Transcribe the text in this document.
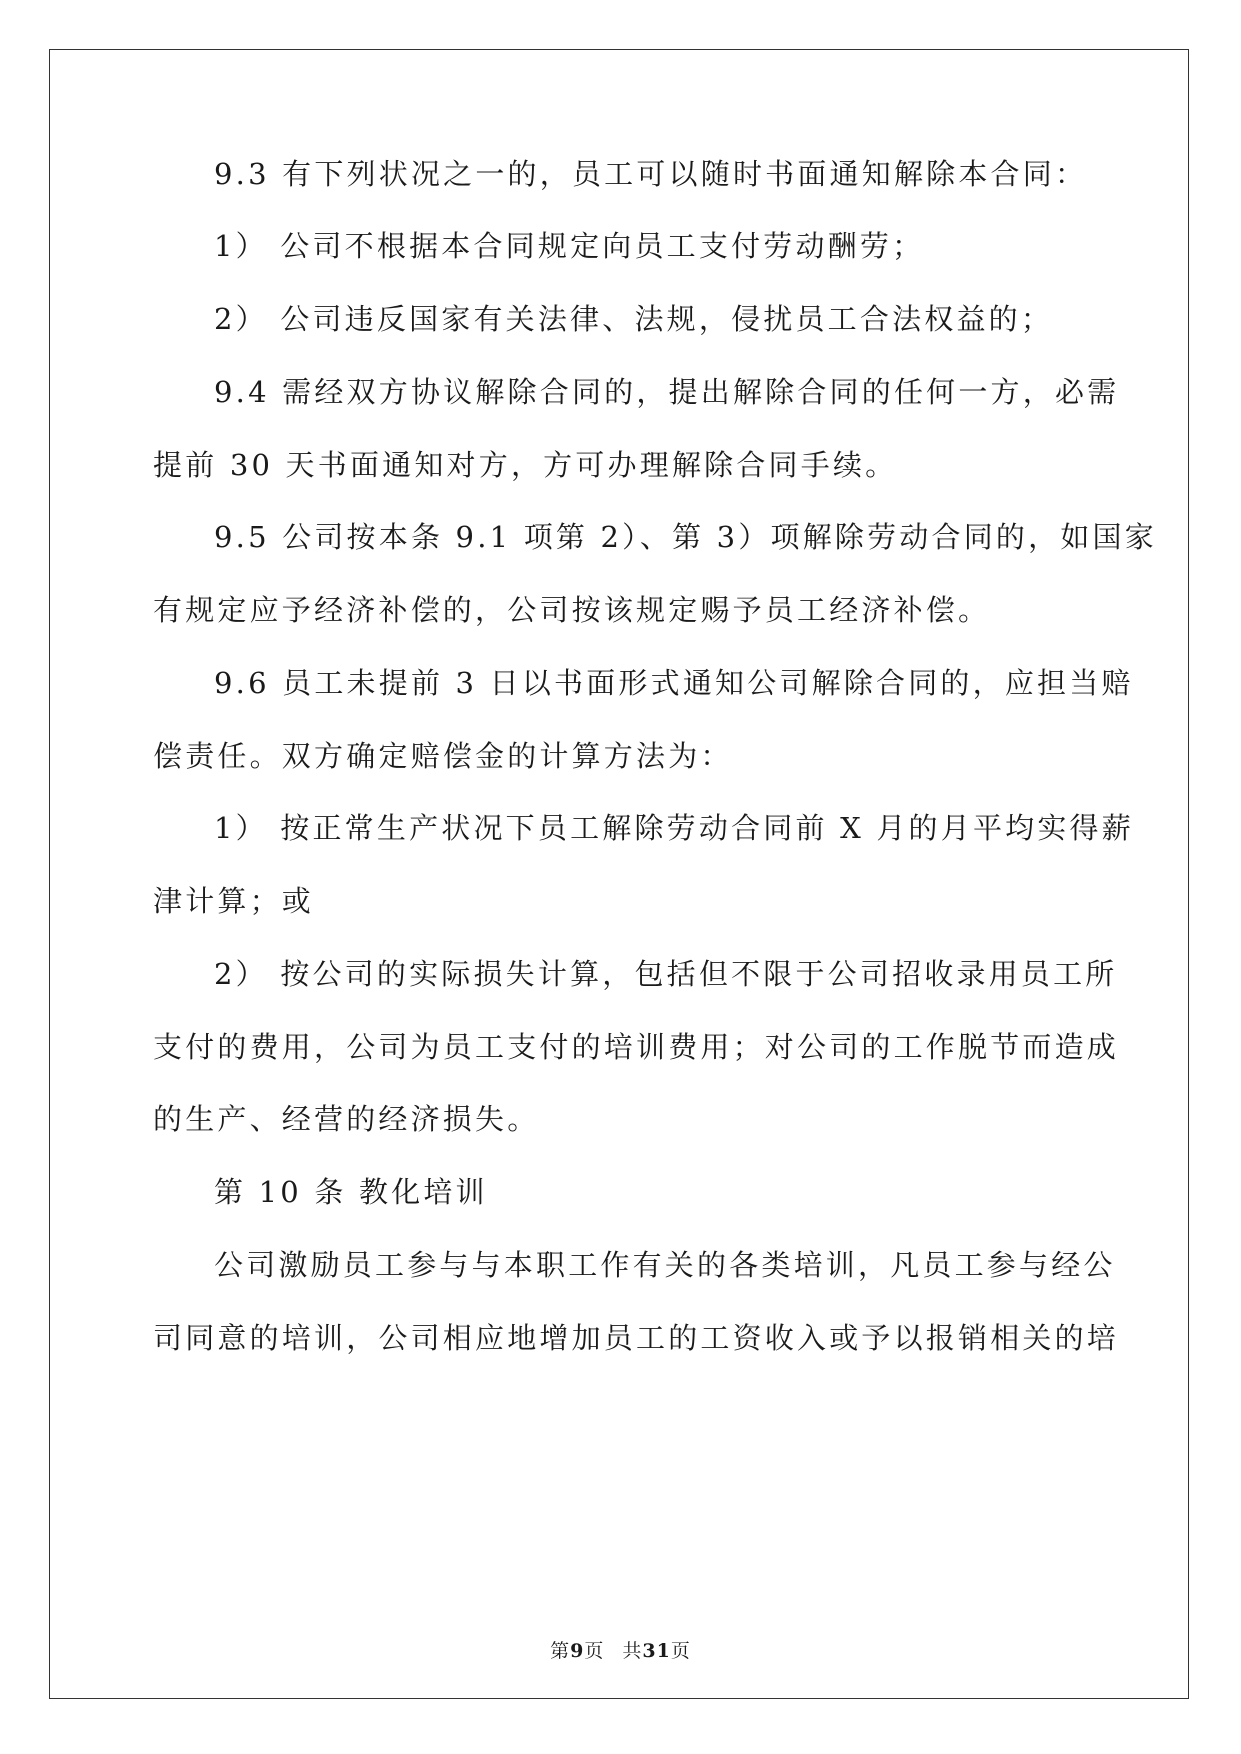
9.3 有下列状况之一的，员工可以随时书面通知解除本合同：
1） 公司不根据本合同规定向员工支付劳动酬劳；
2） 公司违反国家有关法律、法规，侵扰员工合法权益的；
9.4 需经双方协议解除合同的，提出解除合同的任何一方，必需
提前 30 天书面通知对方，方可办理解除合同手续。
9.5 公司按本条 9.1 项第 2）、第 3）项解除劳动合同的，如国家
有规定应予经济补偿的，公司按该规定赐予员工经济补偿。
9.6 员工未提前 3 日以书面形式通知公司解除合同的，应担当赔
偿责任。双方确定赔偿金的计算方法为：
1） 按正常生产状况下员工解除劳动合同前 X 月的月平均实得薪
津计算；或
2） 按公司的实际损失计算，包括但不限于公司招收录用员工所
支付的费用，公司为员工支付的培训费用；对公司的工作脱节而造成
的生产、经营的经济损失。
第 10 条 教化培训
公司激励员工参与与本职工作有关的各类培训，凡员工参与经公
司同意的培训，公司相应地增加员工的工资收入或予以报销相关的培
第9页 共31页
